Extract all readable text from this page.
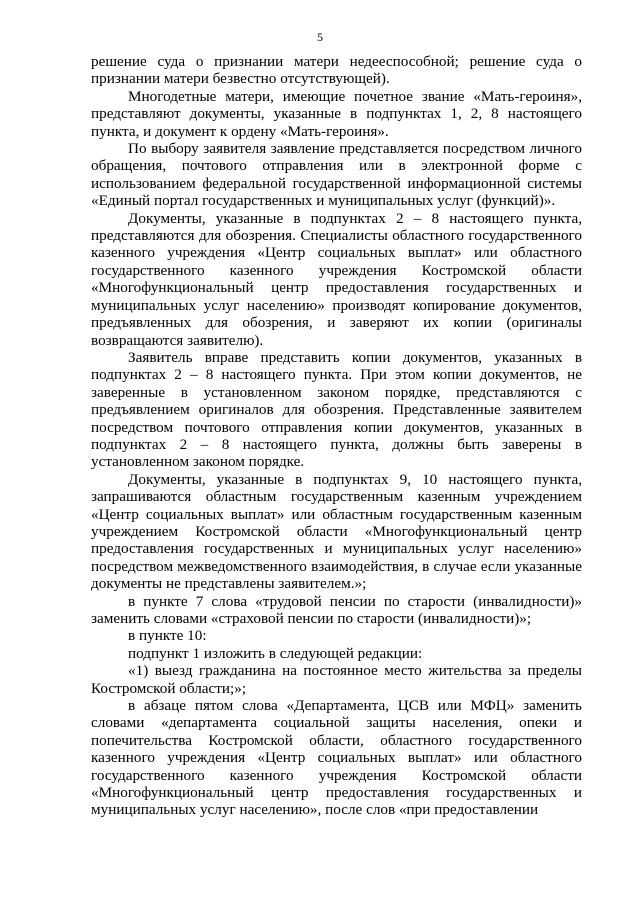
5

решение суда о признании матери недееспособной; решение суда о признании матери безвестно отсутствующей).

Многодетные матери, имеющие почетное звание «Мать-героиня», представляют документы, указанные в подпунктах 1, 2, 8 настоящего пункта, и документ к ордену «Мать-героиня».

По выбору заявителя заявление представляется посредством личного обращения, почтового отправления или в электронной форме с использованием федеральной государственной информационной системы «Единый портал государственных и муниципальных услуг (функций)».

Документы, указанные в подпунктах 2 – 8 настоящего пункта, представляются для обозрения. Специалисты областного государственного казенного учреждения «Центр социальных выплат» или областного государственного казенного учреждения Костромской области «Многофункциональный центр предоставления государственных и муниципальных услуг населению» производят копирование документов, предъявленных для обозрения, и заверяют их копии (оригиналы возвращаются заявителю).

Заявитель вправе представить копии документов, указанных в подпунктах 2 – 8 настоящего пункта. При этом копии документов, не заверенные в установленном законом порядке, представляются с предъявлением оригиналов для обозрения. Представленные заявителем посредством почтового отправления копии документов, указанных в подпунктах 2 – 8 настоящего пункта, должны быть заверены в установленном законом порядке.

Документы, указанные в подпунктах 9, 10 настоящего пункта, запрашиваются областным государственным казенным учреждением «Центр социальных выплат» или областным государственным казенным учреждением Костромской области «Многофункциональный центр предоставления государственных и муниципальных услуг населению» посредством межведомственного взаимодействия, в случае если указанные документы не представлены заявителем.»;

в пункте 7 слова «трудовой пенсии по старости (инвалидности)» заменить словами «страховой пенсии по старости (инвалидности)»;

в пункте 10:

подпункт 1 изложить в следующей редакции:

«1) выезд гражданина на постоянное место жительства за пределы Костромской области;»;

в абзаце пятом слова «Департамента, ЦСВ или МФЦ» заменить словами «департамента социальной защиты населения, опеки и попечительства Костромской области, областного государственного казенного учреждения «Центр социальных выплат» или областного государственного казенного учреждения Костромской области «Многофункциональный центр предоставления государственных и муниципальных услуг населению», после слов «при предоставлении
